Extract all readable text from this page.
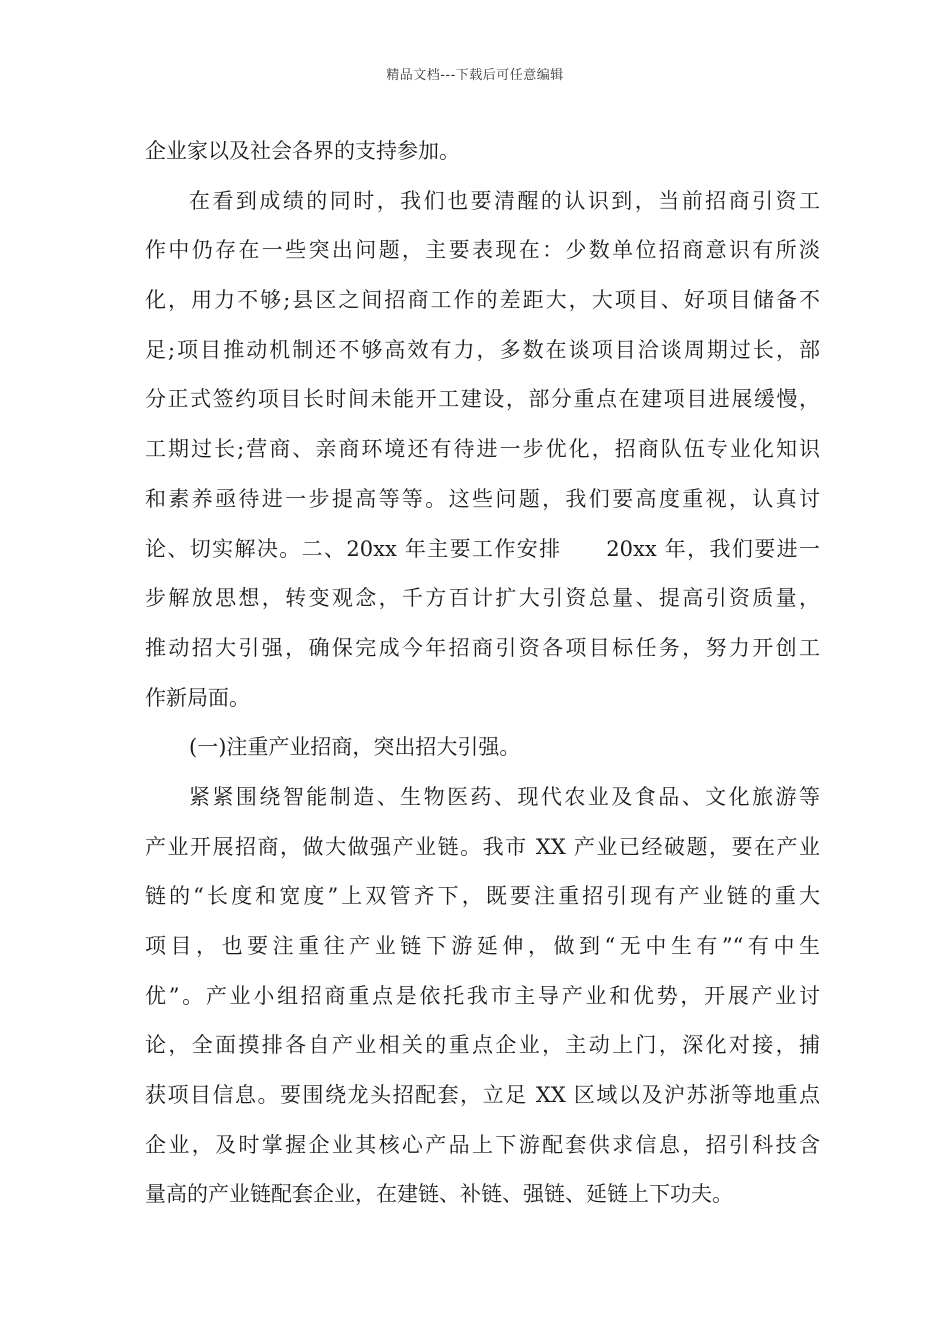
精品文档---下载后可任意编辑
企业家以及社会各界的支持参加。
在看到成绩的同时，我们也要清醒的认识到，当前招商引资工
作中仍存在一些突出问题，主要表现在：少数单位招商意识有所淡
化，用力不够;县区之间招商工作的差距大，大项目、好项目储备不
足;项目推动机制还不够高效有力，多数在谈项目洽谈周期过长，部
分正式签约项目长时间未能开工建设，部分重点在建项目进展缓慢，
工期过长;营商、亲商环境还有待进一步优化，招商队伍专业化知识
和素养亟待进一步提高等等。这些问题，我们要高度重视，认真讨
论、切实解决。二、20xx 年主要工作安排　　20xx 年，我们要进一
步解放思想，转变观念，千方百计扩大引资总量、提高引资质量，
推动招大引强，确保完成今年招商引资各项目标任务，努力开创工
作新局面。
(一)注重产业招商，突出招大引强。
紧紧围绕智能制造、生物医药、现代农业及食品、文化旅游等
产业开展招商，做大做强产业链。我市 XX 产业已经破题，要在产业
链的“长度和宽度”上双管齐下，既要注重招引现有产业链的重大
项目，也要注重往产业链下游延伸，做到“无中生有”“有中生
优”。产业小组招商重点是依托我市主导产业和优势，开展产业讨
论，全面摸排各自产业相关的重点企业，主动上门，深化对接，捕
获项目信息。要围绕龙头招配套，立足 XX 区域以及沪苏浙等地重点
企业，及时掌握企业其核心产品上下游配套供求信息，招引科技含
量高的产业链配套企业，在建链、补链、强链、延链上下功夫。
